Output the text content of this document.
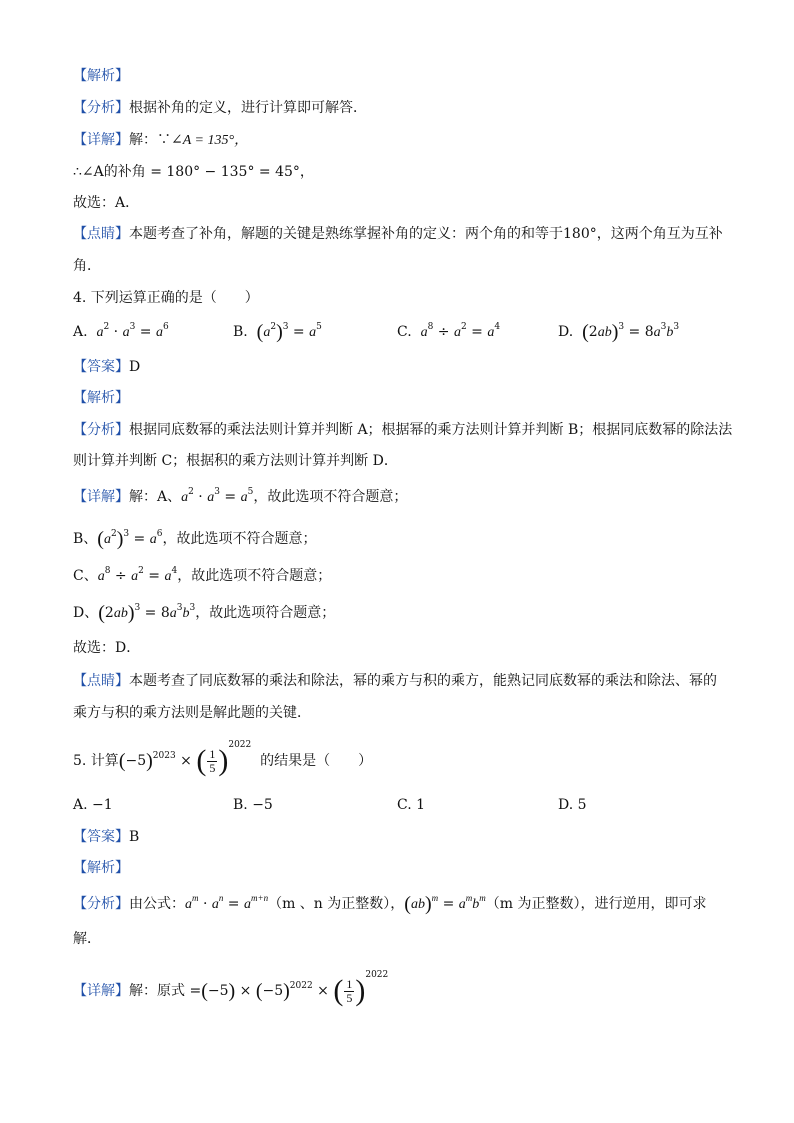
【解析】
【分析】根据补角的定义，进行计算即可解答．
【详解】解：∵∠A = 135°，
∴∠A的补角 = 180° − 135° = 45°，
故选：A．
【点睛】本题考查了补角，解题的关键是熟练掌握补角的定义：两个角的和等于180°，这两个角互为互补
角．
4. 下列运算正确的是（　　）
A. $a^2 \cdot a^3 = a^6$	B. $(a^2)^3 = a^5$	C. $a^8 \div a^2 = a^4$	D. $(2ab)^3 = 8a^3b^3$
【答案】D
【解析】
【分析】根据同底数幂的乘法法则计算并判断 A；根据幂的乘方法则计算并判断 B；根据同底数幂的除法法
则计算并判断 C；根据积的乘方法则计算并判断 D．
【详解】解：A、$a^2 \cdot a^3 = a^5$，故此选项不符合题意；
B、$(a^2)^3 = a^6$，故此选项不符合题意；
C、$a^8 \div a^2 = a^4$，故此选项不符合题意；
D、$(2ab)^3 = 8a^3b^3$，故此选项符合题意；
故选：D．
【点睛】本题考查了同底数幂的乘法和除法，幂的乘方与积的乘方，能熟记同底数幂的乘法和除法、幂的
乘方与积的乘方法则是解此题的关键．
5. 计算$(-5)^{2023}$ × ( $\frac{1}{5} )^{2022}$  的结果是（　　）
A. −1	B. −5	C. 1	D. 5
【答案】B
【解析】
【分析】由公式：$a^m \cdot a^n = a^{m+n}(m$ 、n 为正整数），$(ab)^m = a^mb^m(m$ 为正整数），进行逆用，即可求
解．
【详解】解：原式 $=(-5) \times (-5)^{2022}$ × ( $\frac{1}{5} )^{2022}$
